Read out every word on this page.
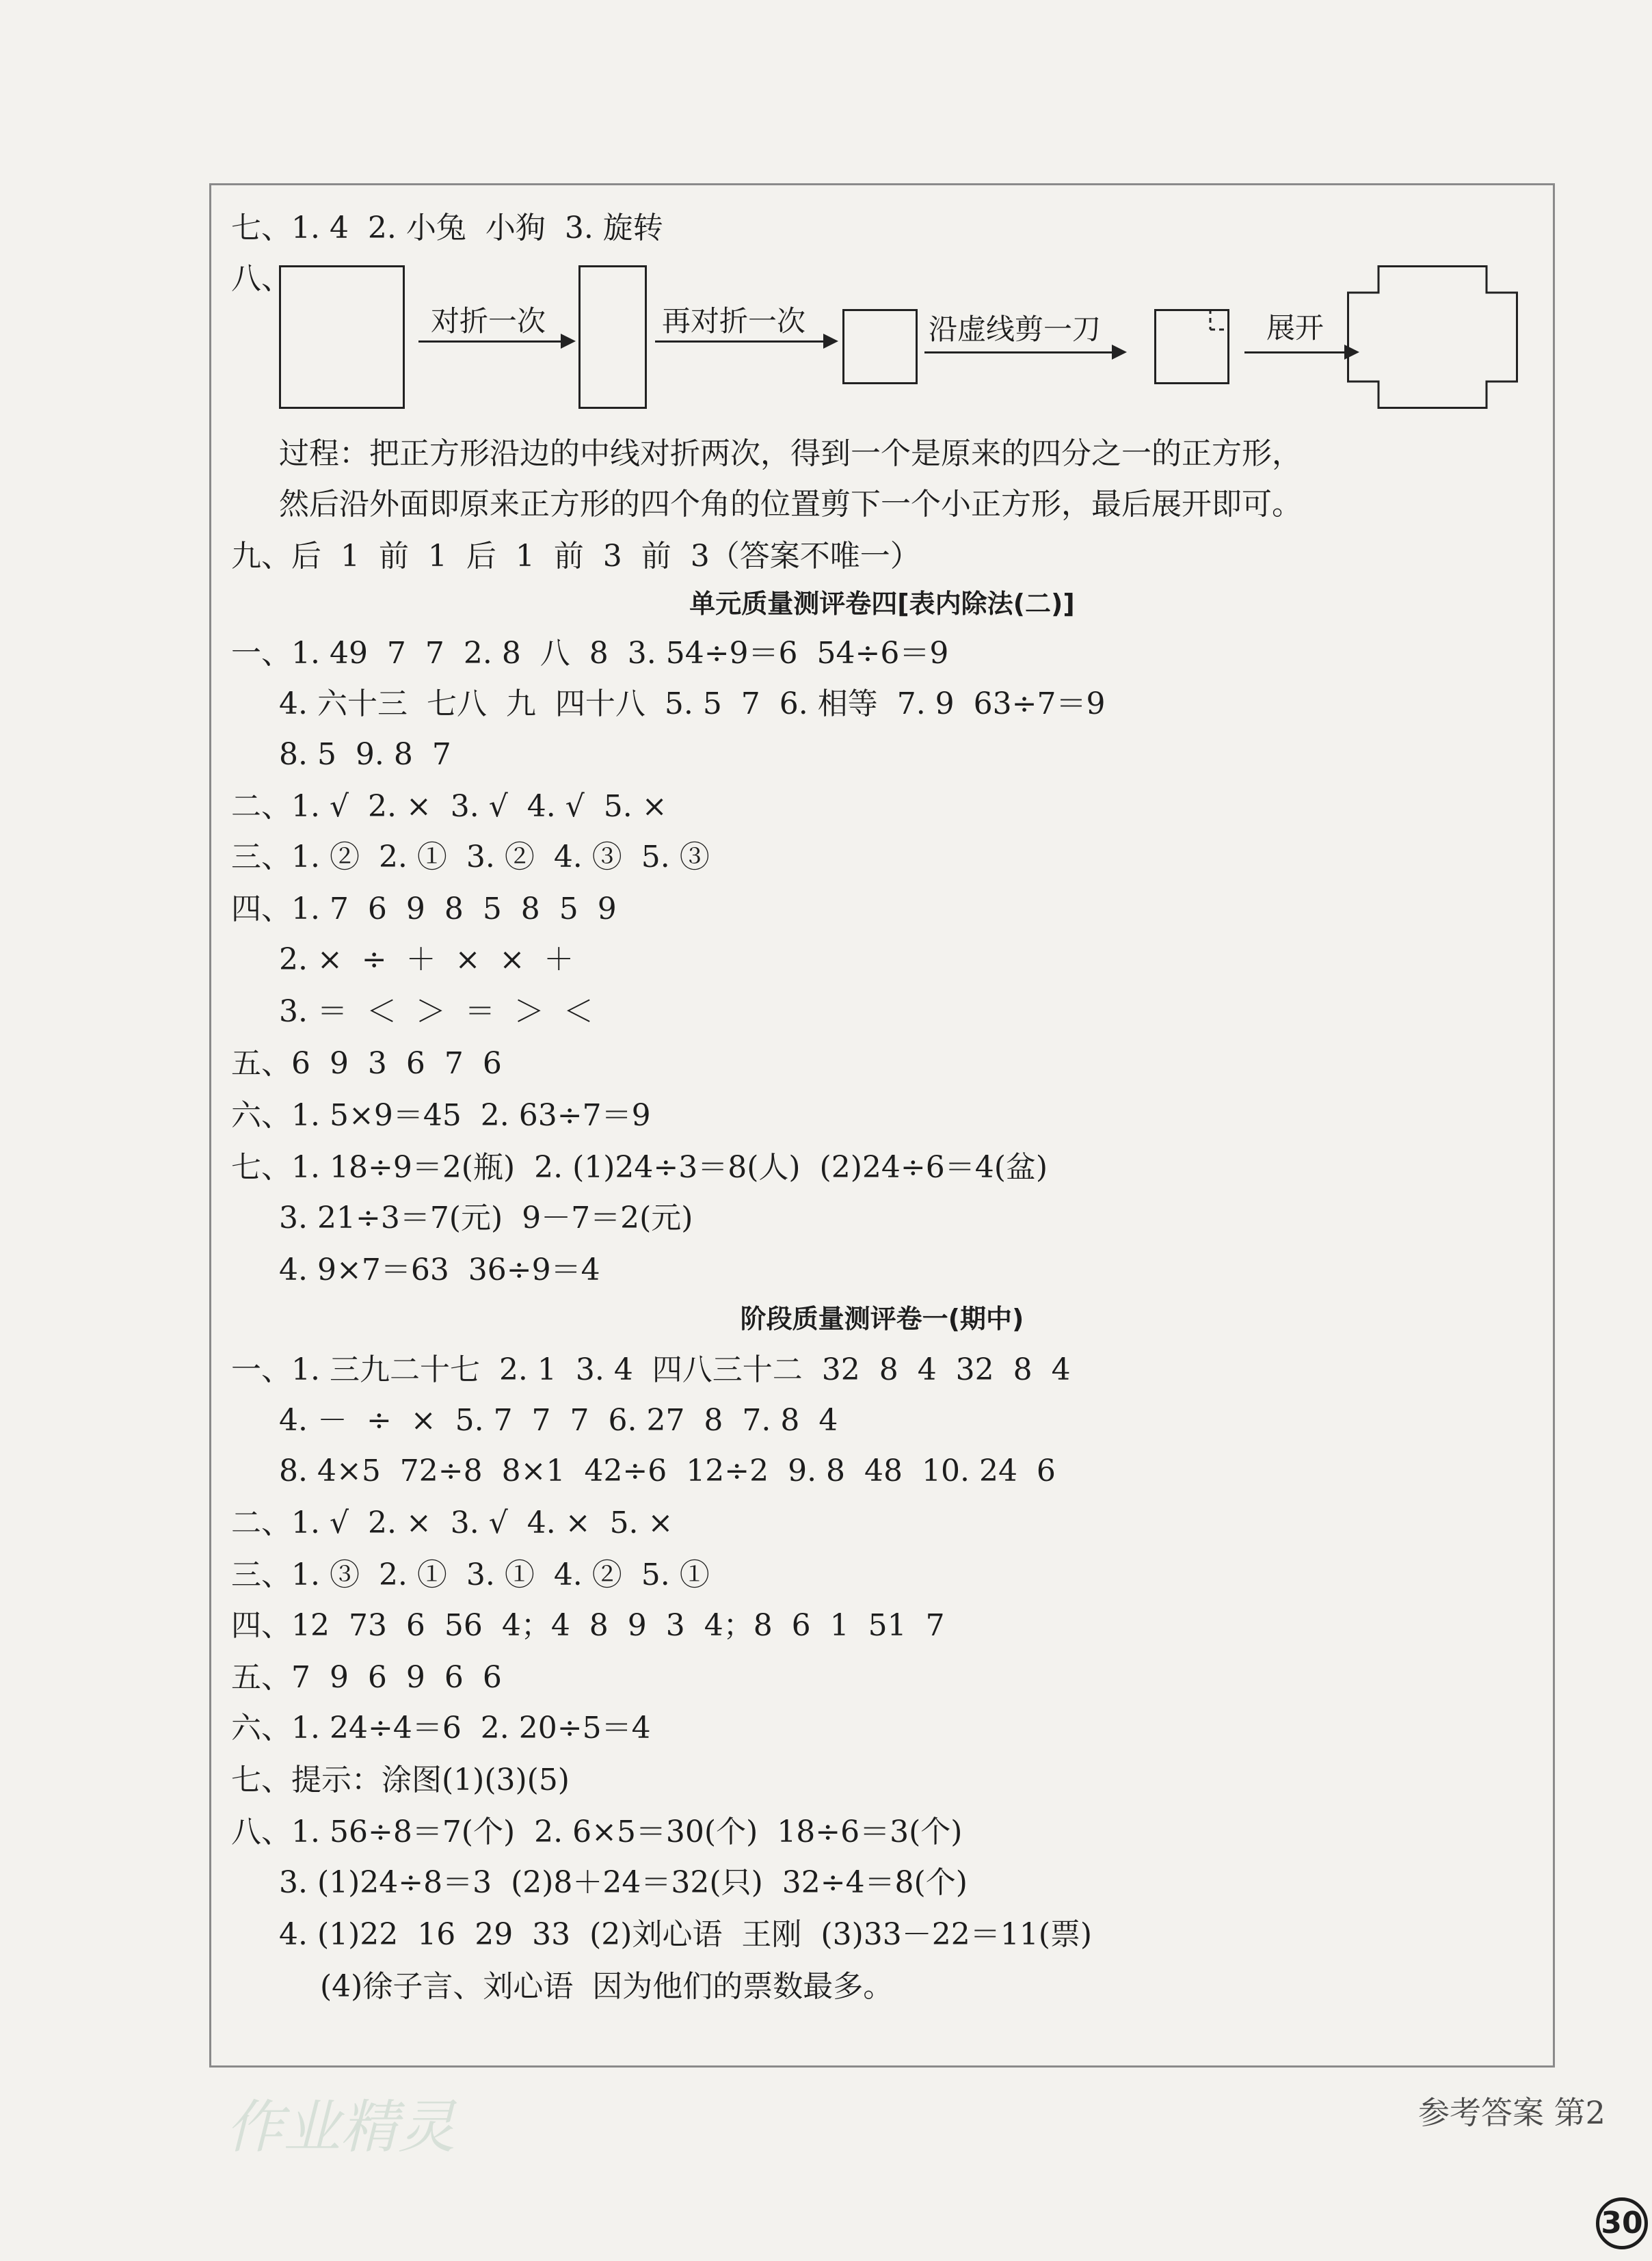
七、1. 4  2. 小兔  小狗  3. 旋转
八、
对折一次	再对折一次	沿虚线剪一刀	展开
过程：把正方形沿边的中线对折两次，得到一个是原来的四分之一的正方形，
然后沿外面即原来正方形的四个角的位置剪下一个小正方形，最后展开即可。
九、后  1  前  1  后  1  前  3  前  3（答案不唯一）
单元质量测评卷四[表内除法(二)]
一、1. 49  7  7  2. 8  八  8  3. 54÷9＝6  54÷6＝9
4. 六十三  七八  九  四十八  5. 5  7  6. 相等  7. 9  63÷7＝9
8. 5  9. 8  7
二、1. √  2. ×  3. √  4. √  5. ×
三、1. ②  2. ①  3. ②  4. ③  5. ③
四、1. 7  6  9  8  5  8  5  9
2. ×  ÷  ＋  ×  ×  ＋
3. ＝  ＜  ＞  ＝  ＞  ＜
五、6  9  3  6  7  6
六、1. 5×9＝45  2. 63÷7＝9
七、1. 18÷9＝2(瓶)  2. (1)24÷3＝8(人)  (2)24÷6＝4(盆)
3. 21÷3＝7(元)  9－7＝2(元)
4. 9×7＝63  36÷9＝4
阶段质量测评卷一(期中)
一、1. 三九二十七  2. 1  3. 4  四八三十二  32  8  4  32  8  4
4. －  ÷  ×  5. 7  7  7  6. 27  8  7. 8  4
8. 4×5  72÷8  8×1  42÷6  12÷2  9. 8  48  10. 24  6
二、1. √  2. ×  3. √  4. ×  5. ×
三、1. ③  2. ①  3. ①  4. ②  5. ①
四、12  73  6  56  4；4  8  9  3  4；8  6  1  51  7
五、7  9  6  9  6  6
六、1. 24÷4＝6  2. 20÷5＝4
七、提示：涂图(1)(3)(5)
八、1. 56÷8＝7(个)  2. 6×5＝30(个)  18÷6＝3(个)
3. (1)24÷8＝3  (2)8＋24＝32(只)  32÷4＝8(个)
4. (1)22  16  29  33  (2)刘心语  王刚  (3)33－22＝11(票)
(4)徐子言、刘心语  因为他们的票数最多。
作业精灵	参考答案 第2
30
